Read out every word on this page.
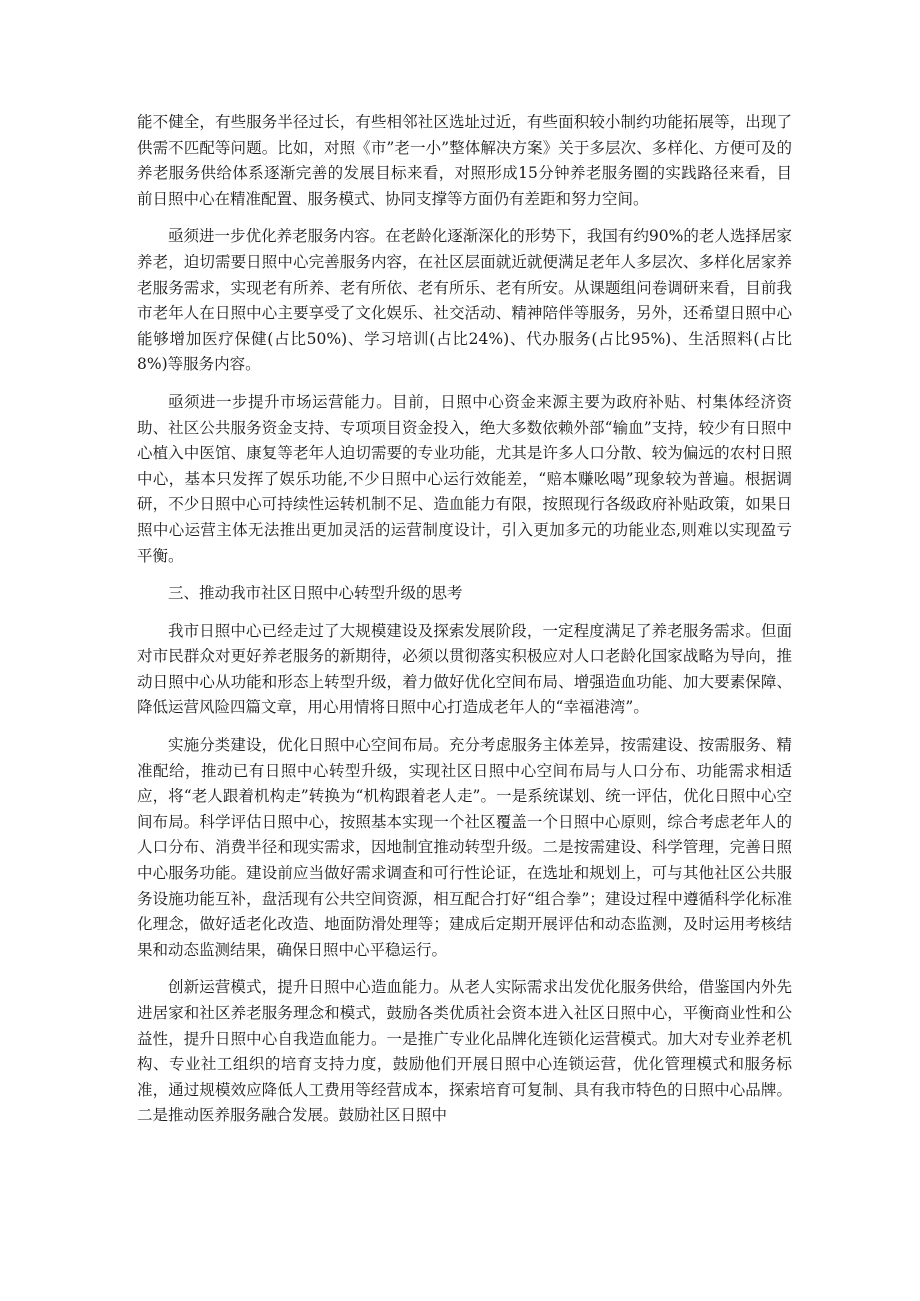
能不健全，有些服务半径过长，有些相邻社区选址过近，有些面积较小制约功能拓展等，出现了供需不匹配等问题。比如，对照《市”老一小”整体解决方案》关于多层次、多样化、方便可及的养老服务供给体系逐渐完善的发展目标来看，对照形成15分钟养老服务圈的实践路径来看，目前日照中心在精准配置、服务模式、协同支撑等方面仍有差距和努力空间。

亟须进一步优化养老服务内容。在老龄化逐渐深化的形势下，我国有约90%的老人选择居家养老，迫切需要日照中心完善服务内容，在社区层面就近就便满足老年人多层次、多样化居家养老服务需求，实现老有所养、老有所依、老有所乐、老有所安。从课题组问卷调研来看，目前我市老年人在日照中心主要享受了文化娱乐、社交活动、精神陪伴等服务，另外，还希望日照中心能够增加医疗保健(占比50%)、学习培训(占比24%)、代办服务(占比95%)、生活照料(占比8%)等服务内容。

亟须进一步提升市场运营能力。目前，日照中心资金来源主要为政府补贴、村集体经济资助、社区公共服务资金支持、专项项目资金投入，绝大多数依赖外部“输血”支持，较少有日照中心植入中医馆、康复等老年人迫切需要的专业功能，尤其是许多人口分散、较为偏远的农村日照中心，基本只发挥了娱乐功能,不少日照中心运行效能差，“赔本赚吆喝”现象较为普遍。根据调研，不少日照中心可持续性运转机制不足、造血能力有限，按照现行各级政府补贴政策，如果日照中心运营主体无法推出更加灵活的运营制度设计，引入更加多元的功能业态,则难以实现盈亏平衡。

三、推动我市社区日照中心转型升级的思考

我市日照中心已经走过了大规模建设及探索发展阶段，一定程度满足了养老服务需求。但面对市民群众对更好养老服务的新期待，必须以贯彻落实积极应对人口老龄化国家战略为导向，推动日照中心从功能和形态上转型升级，着力做好优化空间布局、增强造血功能、加大要素保障、降低运营风险四篇文章，用心用情将日照中心打造成老年人的“幸福港湾”。

实施分类建设，优化日照中心空间布局。充分考虑服务主体差异，按需建设、按需服务、精准配给，推动已有日照中心转型升级，实现社区日照中心空间布局与人口分布、功能需求相适应，将“老人跟着机构走”转换为“机构跟着老人走”。一是系统谋划、统一评估，优化日照中心空间布局。科学评估日照中心，按照基本实现一个社区覆盖一个日照中心原则，综合考虑老年人的人口分布、消费半径和现实需求，因地制宜推动转型升级。二是按需建设、科学管理，完善日照中心服务功能。建设前应当做好需求调查和可行性论证，在选址和规划上，可与其他社区公共服务设施功能互补，盘活现有公共空间资源，相互配合打好“组合拳”；建设过程中遵循科学化标准化理念，做好适老化改造、地面防滑处理等；建成后定期开展评估和动态监测，及时运用考核结果和动态监测结果，确保日照中心平稳运行。

创新运营模式，提升日照中心造血能力。从老人实际需求出发优化服务供给，借鉴国内外先进居家和社区养老服务理念和模式，鼓励各类优质社会资本进入社区日照中心，平衡商业性和公益性，提升日照中心自我造血能力。一是推广专业化品牌化连锁化运营模式。加大对专业养老机构、专业社工组织的培育支持力度，鼓励他们开展日照中心连锁运营，优化管理模式和服务标准，通过规模效应降低人工费用等经营成本，探索培育可复制、具有我市特色的日照中心品牌。二是推动医养服务融合发展。鼓励社区日照中
